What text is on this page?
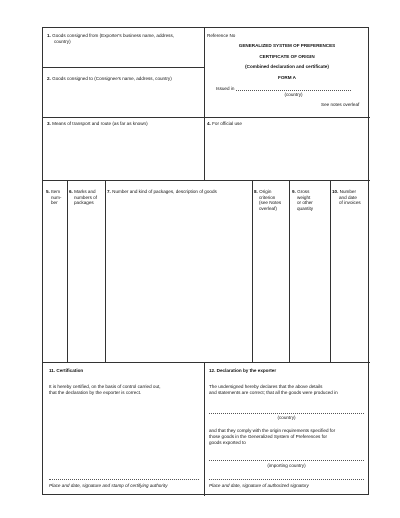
1. Goods consigned from (Exporter's business name, address,
country)
Reference No
GENERALIZED SYSTEM OF PREFERENCES
CERTIFICATE OF ORIGIN
(Combined declaration and certificate)
FORM A
Issued in
(country)
See notes overleaf
2. Goods consigned to (Consignee's name, address, country)
3. Means of transport and route (as far as known)	4. For official use
5. Item
num-
ber
6. Marks and
numbers of
packages
7. Number and kind of packages, description of goods	8. Origin
criterion
(see Notes
overleaf)
9. Gross
weight
or other
quantity
10. Number
and date
of invoices
11. Certification
It is hereby certified, on the basis of control carried out,
that the declaration by the exporter is correct.
Place and date, signature and stamp of certifying authority
12. Declaration by the exporter
The undersigned hereby declares that the above details
and statements are correct; that all the goods were produced in
(country)
and that they comply with the origin requirements specified for
those goods in the Generalized System of Preferences for
goods exported to
(importing country)
Place and date, signature of authorized signatory
